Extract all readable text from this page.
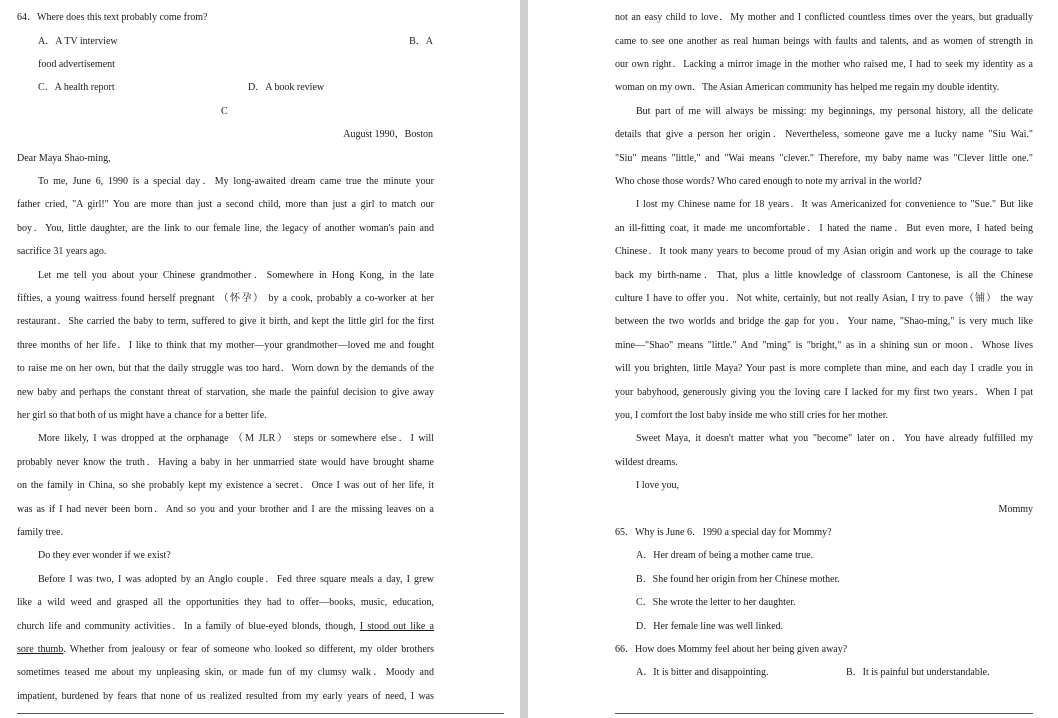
64．Where does this text probably come from?
A．A TV interview	B．A
food advertisement
C．A health report	D．A book review
C
August 1990，Boston
Dear Maya Shao-ming,
To me, June 6, 1990 is a special day．My long-awaited dream came true the minute your
father cried, "A girl!" You are more than just a second child, more than just a girl to match our
boy．You, little daughter, are the link to our female line, the legacy of another woman's pain and
sacrifice 31 years ago.
Let me tell you about your Chinese grandmother．Somewhere in Hong Kong, in the late
fifties, a young waitress found herself pregnant （怀孕） by a cook, probably a co-worker at her
restaurant．She carried the baby to term, suffered to give it birth, and kept the little girl for the first
three months of her life．I like to think that my mother—your grandmother—loved me and fought
to raise me on her own, but that the daily struggle was too hard．Worn down by the demands of the
new baby and perhaps the constant threat of starvation, she made the painful decision to give away
her girl so that both of us might have a chance for a better life.
More likely, I was dropped at the orphanage （M JLR） steps or somewhere else．I will
probably never know the truth．Having a baby in her unmarried state would have brought shame
on the family in China, so she probably kept my existence a secret．Once I was out of her life, it
was as if I had never been born．And so you and your brother and I are the missing leaves on a
family tree.
Do they ever wonder if we exist?
Before I was two, I was adopted by an Anglo couple．Fed three square meals a day, I grew
like a wild weed and grasped all the opportunities they had to offer—books, music, education,
church life and community activities．In a family of blue-eyed blonds, though, I stood out like a
sore thumb. Whether from jealousy or fear of someone who looked so different, my older brothers
sometimes teased me about my unpleasing skin, or made fun of my clumsy walk．Moody and
impatient, burdened by fears that none of us realized resulted from my early years of need, I was
not an easy child to love．My mother and I conflicted countless times over the years, but gradually
came to see one another as real human beings with faults and talents, and as women of strength in
our own right．Lacking a mirror image in the mother who raised me, I had to seek my identity as a
woman on my own．The Asian American community has helped me regain my double identity.
But part of me will always be missing: my beginnings, my personal history, all the delicate
details that give a person her origin．Nevertheless, someone gave me a lucky name "Siu Wai."
"Siu" means "little," and "Wai means "clever." Therefore, my baby name was "Clever little one."
Who chose those words? Who cared enough to note my arrival in the world?
I lost my Chinese name for 18 years．It was Americanized for convenience to "Sue." But like
an ill-fitting coat, it made me uncomfortable．I hated the name．But even more, I hated being
Chinese．It took many years to become proud of my Asian origin and work up the courage to take
back my birth-name．That, plus a little knowledge of classroom Cantonese, is all the Chinese
culture I have to offer you．Not white, certainly, but not really Asian, I try to pave（铺） the way
between the two worlds and bridge the gap for you．Your name, "Shao-ming," is very much like
mine—"Shao" means "little." And "ming" is "bright," as in a shining sun or moon．Whose lives
will you brighten, little Maya? Your past is more complete than mine, and each day I cradle you in
your babyhood, generously giving you the loving care I lacked for my first two years．When I pat
you, I comfort the lost baby inside me who still cries for her mother.
Sweet Maya, it doesn't matter what you "become" later on．You have already fulfilled my
wildest dreams.
I love you,
Mommy
65．Why is June 6．1990 a special day for Mommy?
A．Her dream of being a mother came true.
B．She found her origin from her Chinese mother.
C．She wrote the letter to her daughter.
D．Her female line was well linked.
66．How does Mommy feel about her being given away?
A．It is bitter and disappointing.	B．It is painful but understandable.
